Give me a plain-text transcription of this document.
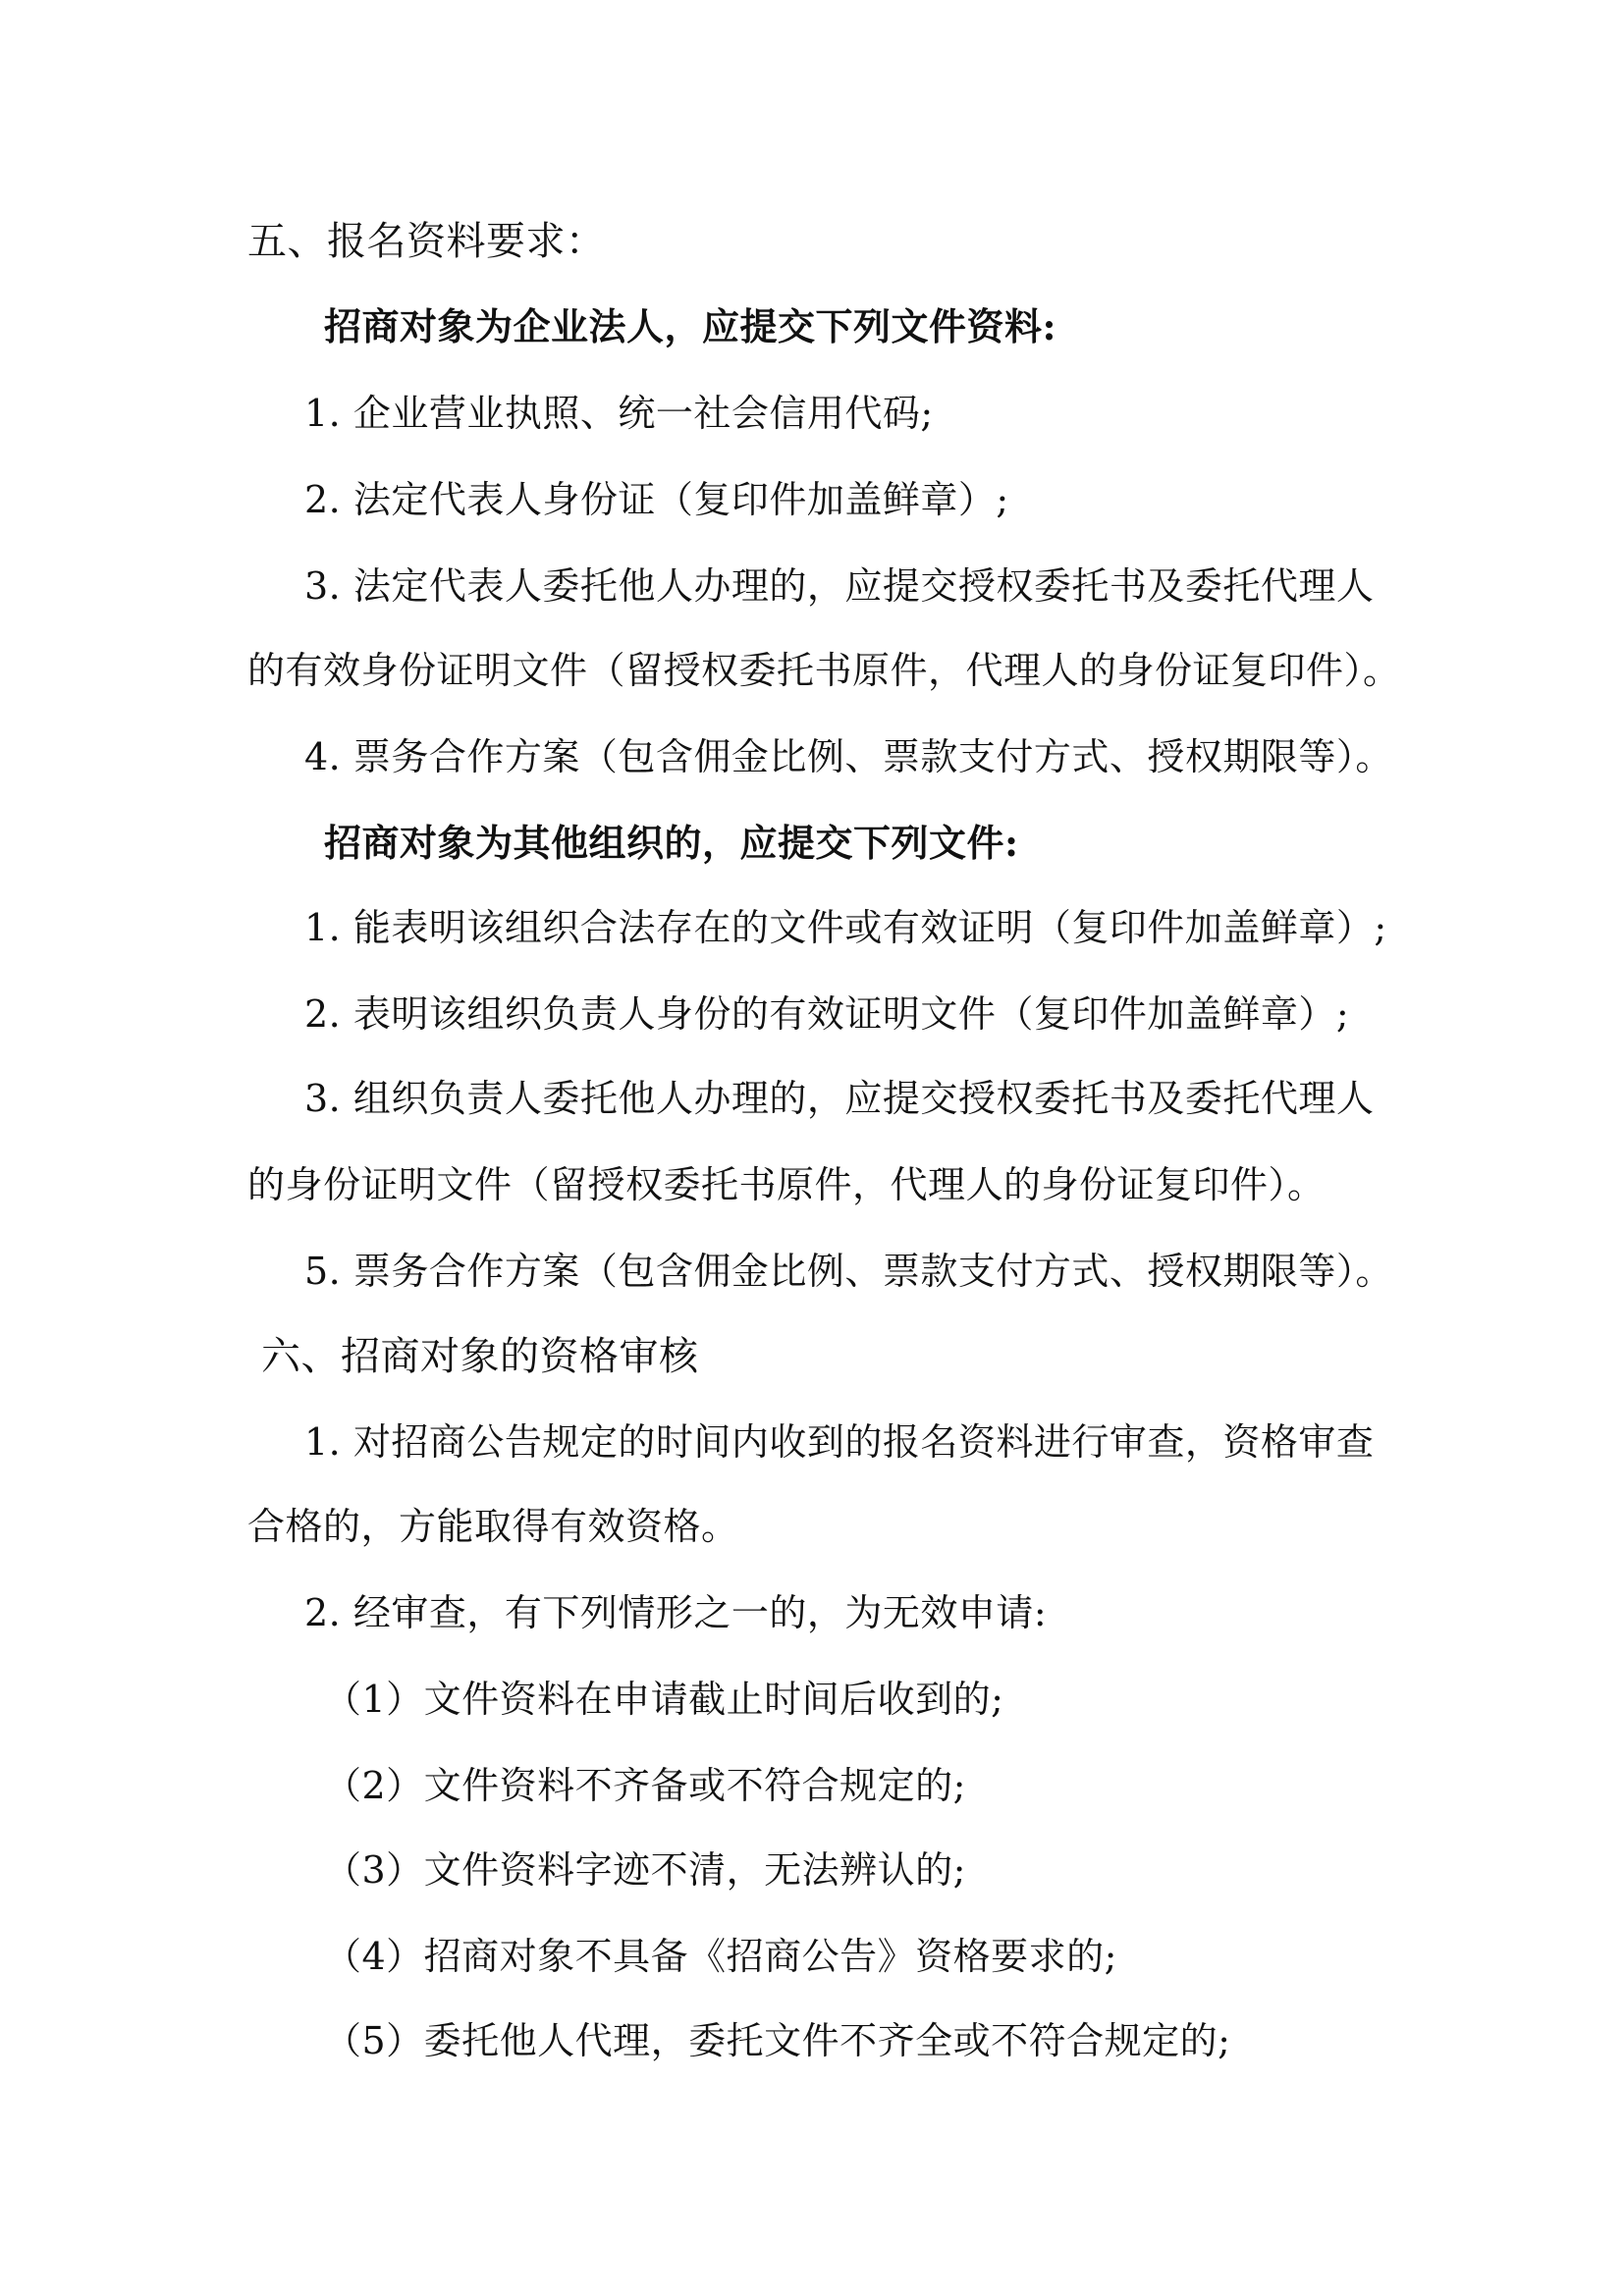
五、报名资料要求：
招商对象为企业法人，应提交下列文件资料:
1. 企业营业执照、统一社会信用代码;
2. 法定代表人身份证（复印件加盖鲜章）;
3. 法定代表人委托他人办理的，应提交授权委托书及委托代理人
的有效身份证明文件（留授权委托书原件，代理人的身份证复印件）。
4. 票务合作方案（包含佣金比例、票款支付方式、授权期限等）。
招商对象为其他组织的，应提交下列文件:
1. 能表明该组织合法存在的文件或有效证明（复印件加盖鲜章）;
2. 表明该组织负责人身份的有效证明文件（复印件加盖鲜章）;
3. 组织负责人委托他人办理的，应提交授权委托书及委托代理人
的身份证明文件（留授权委托书原件，代理人的身份证复印件）。
5. 票务合作方案（包含佣金比例、票款支付方式、授权期限等）。
六、招商对象的资格审核
1. 对招商公告规定的时间内收到的报名资料进行审查，资格审查
合格的，方能取得有效资格。
2. 经审查，有下列情形之一的，为无效申请:
（1）文件资料在申请截止时间后收到的;
（2）文件资料不齐备或不符合规定的;
（3）文件资料字迹不清，无法辨认的;
（4）招商对象不具备《招商公告》资格要求的;
（5）委托他人代理，委托文件不齐全或不符合规定的;
